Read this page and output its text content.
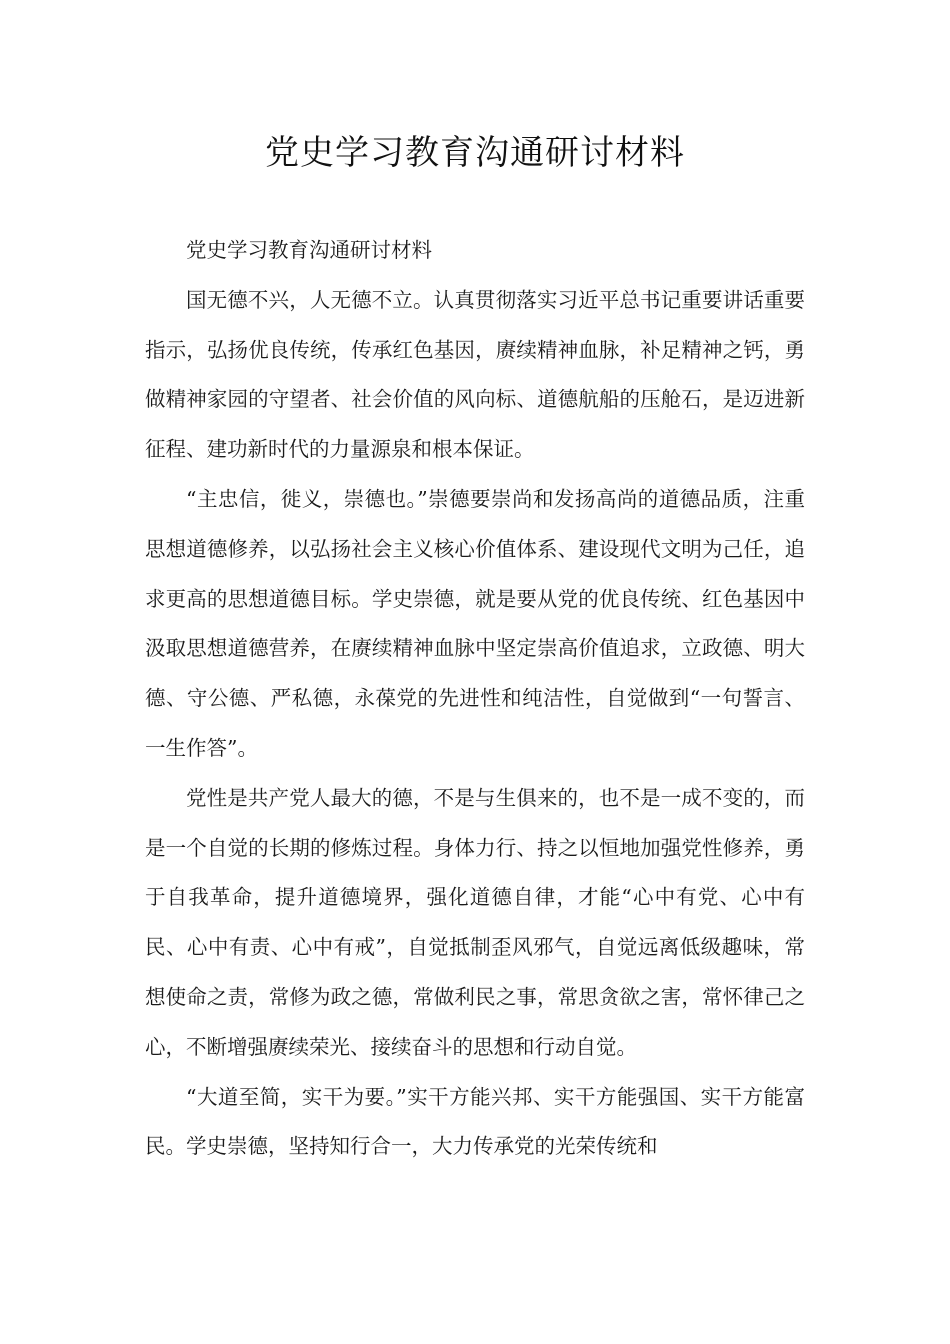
党史学习教育沟通研讨材料

党史学习教育沟通研讨材料

国无德不兴，人无德不立。认真贯彻落实习近平总书记重要讲话重要指示，弘扬优良传统，传承红色基因，赓续精神血脉，补足精神之钙，勇做精神家园的守望者、社会价值的风向标、道德航船的压舱石，是迈进新征程、建功新时代的力量源泉和根本保证。

“主忠信，徙义，崇德也。”崇德要崇尚和发扬高尚的道德品质，注重思想道德修养，以弘扬社会主义核心价值体系、建设现代文明为己任，追求更高的思想道德目标。学史崇德，就是要从党的优良传统、红色基因中汲取思想道德营养，在赓续精神血脉中坚定崇高价值追求，立政德、明大德、守公德、严私德，永葆党的先进性和纯洁性，自觉做到“一句誓言、一生作答”。

党性是共产党人最大的德，不是与生俱来的，也不是一成不变的，而是一个自觉的长期的修炼过程。身体力行、持之以恒地加强党性修养，勇于自我革命，提升道德境界，强化道德自律，才能“心中有党、心中有民、心中有责、心中有戒”，自觉抵制歪风邪气，自觉远离低级趣味，常想使命之责，常修为政之德，常做利民之事，常思贪欲之害，常怀律己之心，不断增强赓续荣光、接续奋斗的思想和行动自觉。

“大道至简，实干为要。”实干方能兴邦、实干方能强国、实干方能富民。学史崇德，坚持知行合一，大力传承党的光荣传统和
